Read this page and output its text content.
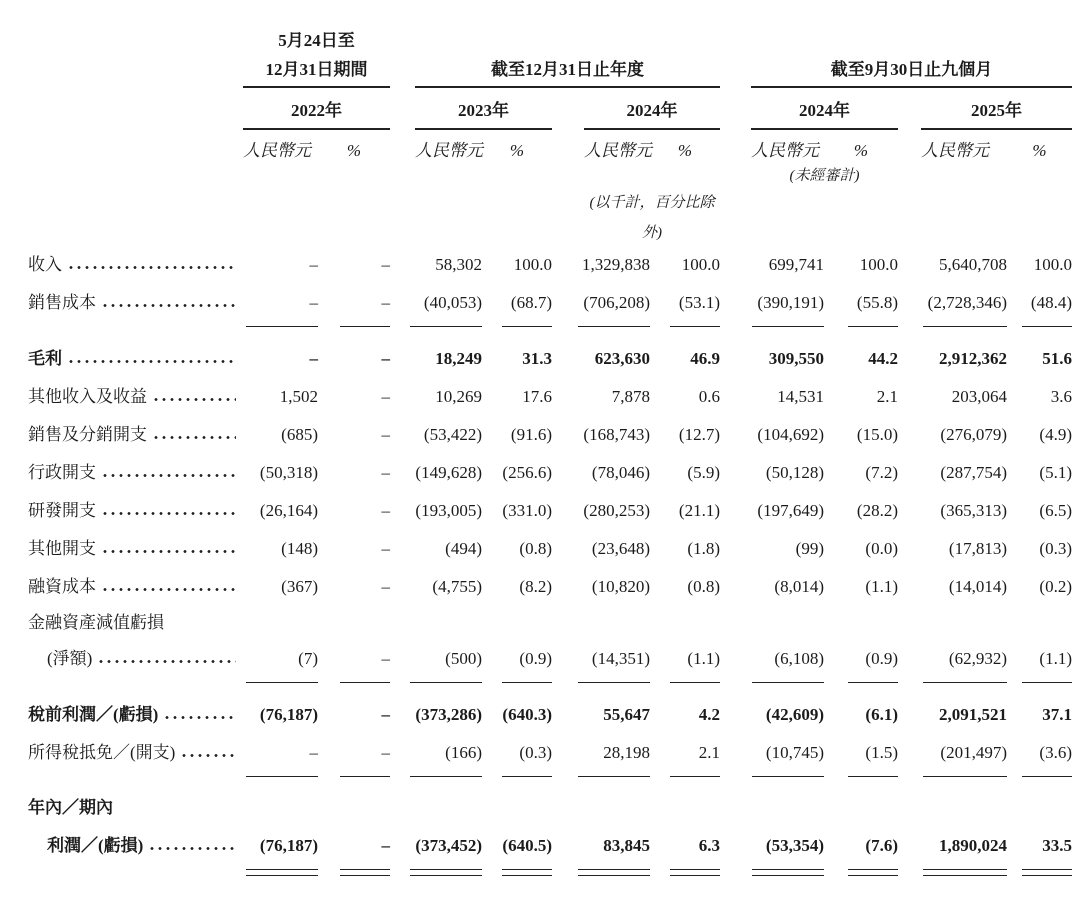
5月24日至
12月31日期間	截至12月31日止年度	截至9月30日止九個月
2022年	2023年	2024年	2024年	2025年
人民幣元	%	人民幣元	%	人民幣元	%	人民幣元	%	人民幣元	%
(未經審計)
(以千計，百分比除外)
收入	–	–	58,302	100.0	1,329,838	100.0	699,741	100.0	5,640,708	100.0
銷售成本	–	–	(40,053)	(68.7)	(706,208)	(53.1)	(390,191)	(55.8)	(2,728,346)	(48.4)
毛利	–	–	18,249	31.3	623,630	46.9	309,550	44.2	2,912,362	51.6
其他收入及收益	1,502	–	10,269	17.6	7,878	0.6	14,531	2.1	203,064	3.6
銷售及分銷開支	(685)	–	(53,422)	(91.6)	(168,743)	(12.7)	(104,692)	(15.0)	(276,079)	(4.9)
行政開支	(50,318)	–	(149,628)	(256.6)	(78,046)	(5.9)	(50,128)	(7.2)	(287,754)	(5.1)
研發開支	(26,164)	–	(193,005)	(331.0)	(280,253)	(21.1)	(197,649)	(28.2)	(365,313)	(6.5)
其他開支	(148)	–	(494)	(0.8)	(23,648)	(1.8)	(99)	(0.0)	(17,813)	(0.3)
融資成本	(367)	–	(4,755)	(8.2)	(10,820)	(0.8)	(8,014)	(1.1)	(14,014)	(0.2)
金融資產減值虧損
(淨額)	(7)	–	(500)	(0.9)	(14,351)	(1.1)	(6,108)	(0.9)	(62,932)	(1.1)
稅前利潤／(虧損)	(76,187)	–	(373,286)	(640.3)	55,647	4.2	(42,609)	(6.1)	2,091,521	37.1
所得稅抵免／(開支)	–	–	(166)	(0.3)	28,198	2.1	(10,745)	(1.5)	(201,497)	(3.6)
年內／期內
利潤／(虧損)	(76,187)	–	(373,452)	(640.5)	83,845	6.3	(53,354)	(7.6)	1,890,024	33.5
